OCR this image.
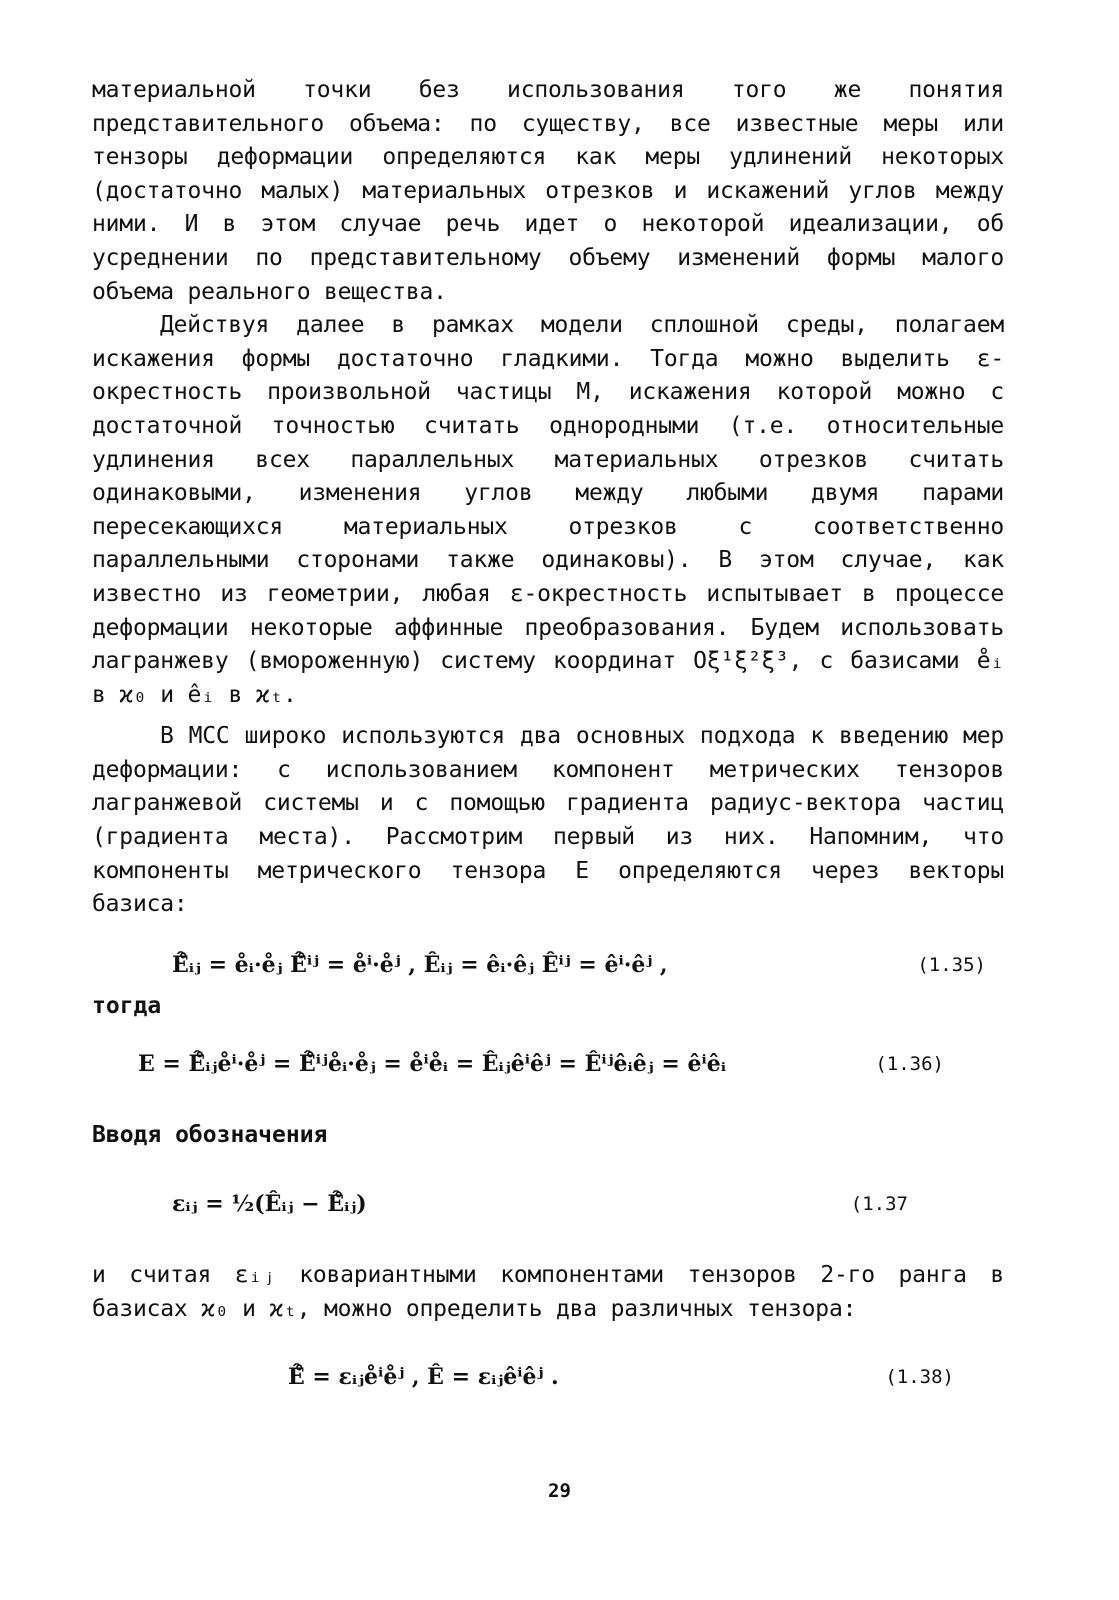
материальной точки без использования того же понятия представительного объема: по существу, все известные меры или тензоры деформации определяются как меры удлинений некоторых (достаточно малых) материальных отрезков и искажений углов между ними. И в этом случае речь идет о некоторой идеализации, об усреднении по представительному объему изменений формы малого объема реального вещества.

Действуя далее в рамках модели сплошной среды, полагаем искажения формы достаточно гладкими. Тогда можно выделить ε-окрестность произвольной частицы M, искажения которой можно с достаточной точностью считать однородными (т.е. относительные удлинения всех параллельных материальных отрезков считать одинаковыми, изменения углов между любыми двумя парами пересекающихся материальных отрезков с соответственно параллельными сторонами также одинаковы). В этом случае, как известно из геометрии, любая ε-окрестность испытывает в процессе деформации некоторые аффинные преобразования. Будем использовать лагранжеву (вмороженную) систему координат Oξ¹ξ²ξ³, с базисами e̊ᵢ в ϰ₀ и êᵢ в ϰₜ.

В МСС широко используются два основных подхода к введению мер деформации: с использованием компонент метрических тензоров лагранжевой системы и с помощью градиента радиус-вектора частиц (градиента места). Рассмотрим первый из них. Напомним, что компоненты метрического тензора E определяются через векторы базиса:

Ê̊ᵢⱼ = e̊ᵢ·e̊ⱼ Ê̊ⁱʲ = e̊ⁱ·e̊ʲ , Êᵢⱼ = êᵢ·êⱼ Êⁱʲ = êⁱ·êʲ ,	(1.35)

тогда

E = Ê̊ᵢⱼe̊ⁱ·e̊ʲ = Ê̊ⁱʲe̊ᵢ·e̊ⱼ = e̊ⁱe̊ᵢ = Êᵢⱼêⁱêʲ = Êⁱʲêᵢêⱼ = êⁱêᵢ	(1.36)

Вводя обозначения

εᵢⱼ = ½(Êᵢⱼ − Ê̊ᵢⱼ)	(1.37

и считая εᵢⱼ ковариантными компонентами тензоров 2-го ранга в базисах ϰ₀ и ϰₜ, можно определить два различных тензора:

Ê̊ = εᵢⱼe̊ⁱe̊ʲ , Ê = εᵢⱼêⁱêʲ .	(1.38)
29
